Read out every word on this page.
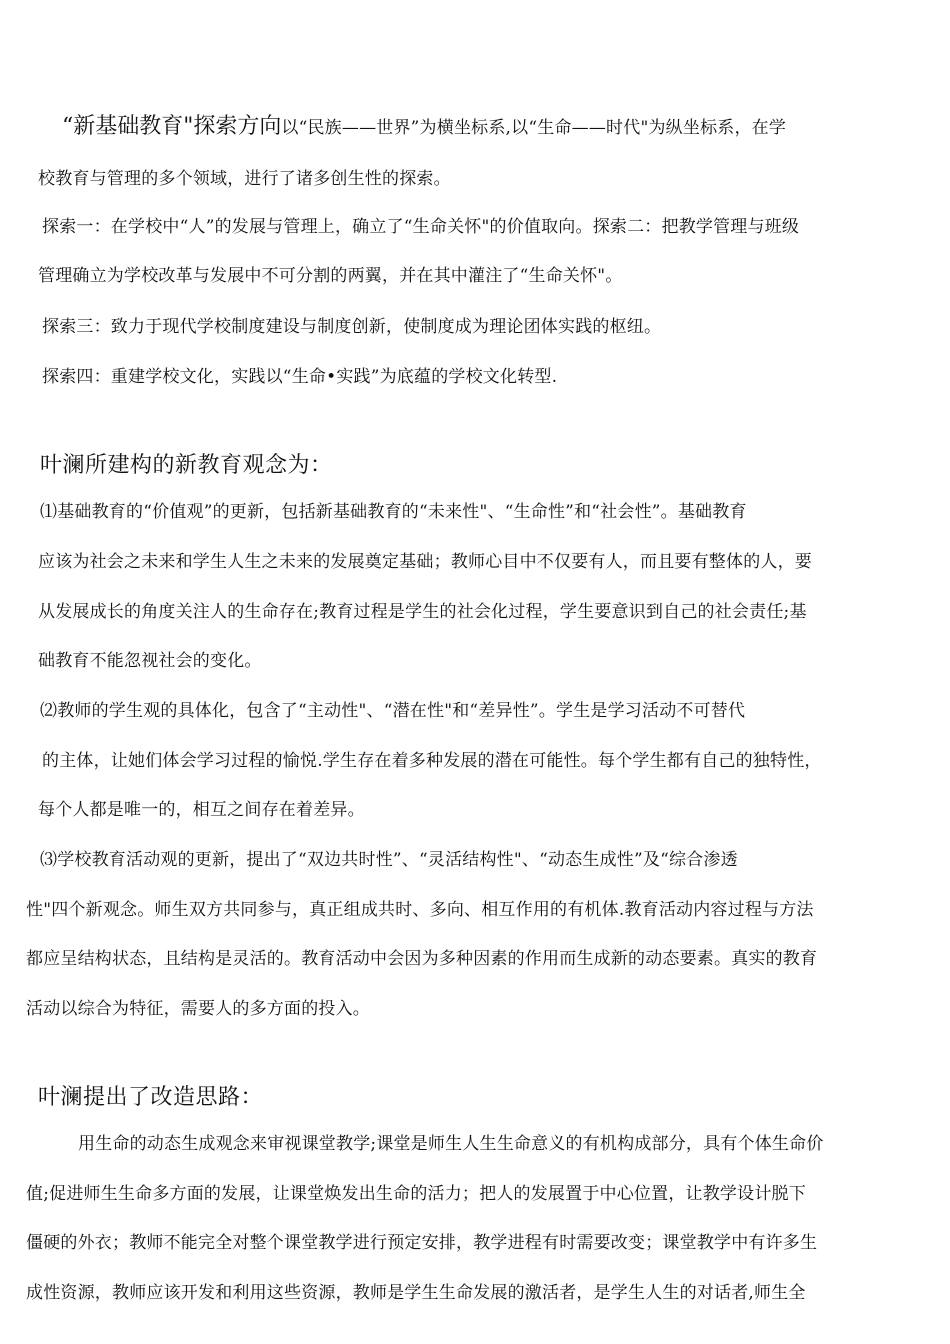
“新基础教育"探索方向以“民族——世界”为横坐标系,以“生命——时代"为纵坐标系，在学
校教育与管理的多个领域，进行了诸多创生性的探索。
探索一：在学校中“人”的发展与管理上，确立了“生命关怀"的价值取向。探索二：把教学管理与班级
管理确立为学校改革与发展中不可分割的两翼，并在其中灌注了“生命关怀"。
探索三：致力于现代学校制度建设与制度创新，使制度成为理论团体实践的枢纽。
探索四：重建学校文化，实践以“生命•实践”为底蕴的学校文化转型.
叶澜所建构的新教育观念为：
⑴基础教育的“价值观”的更新，包括新基础教育的“未来性"、“生命性”和“社会性”。基础教育
应该为社会之未来和学生人生之未来的发展奠定基础；教师心目中不仅要有人，而且要有整体的人，要
从发展成长的角度关注人的生命存在;教育过程是学生的社会化过程，学生要意识到自己的社会责任;基
础教育不能忽视社会的变化。
⑵教师的学生观的具体化，包含了“主动性"、“潜在性"和“差异性”。学生是学习活动不可替代
的主体，让她们体会学习过程的愉悦.学生存在着多种发展的潜在可能性。每个学生都有自己的独特性，
每个人都是唯一的，相互之间存在着差异。
⑶学校教育活动观的更新，提出了“双边共时性”、“灵活结构性"、“动态生成性”及“综合渗透
性"四个新观念。师生双方共同参与，真正组成共时、多向、相互作用的有机体.教育活动内容过程与方法
都应呈结构状态，且结构是灵活的。教育活动中会因为多种因素的作用而生成新的动态要素。真实的教育
活动以综合为特征，需要人的多方面的投入。
叶澜提出了改造思路：
用生命的动态生成观念来审视课堂教学;课堂是师生人生生命意义的有机构成部分，具有个体生命价
值;促进师生生命多方面的发展，让课堂焕发出生命的活力；把人的发展置于中心位置，让教学设计脱下
僵硬的外衣；教师不能完全对整个课堂教学进行预定安排，教学进程有时需要改变；课堂教学中有许多生
成性资源，教师应该开发和利用这些资源，教师是学生生命发展的激活者，是学生人生的对话者,师生全
